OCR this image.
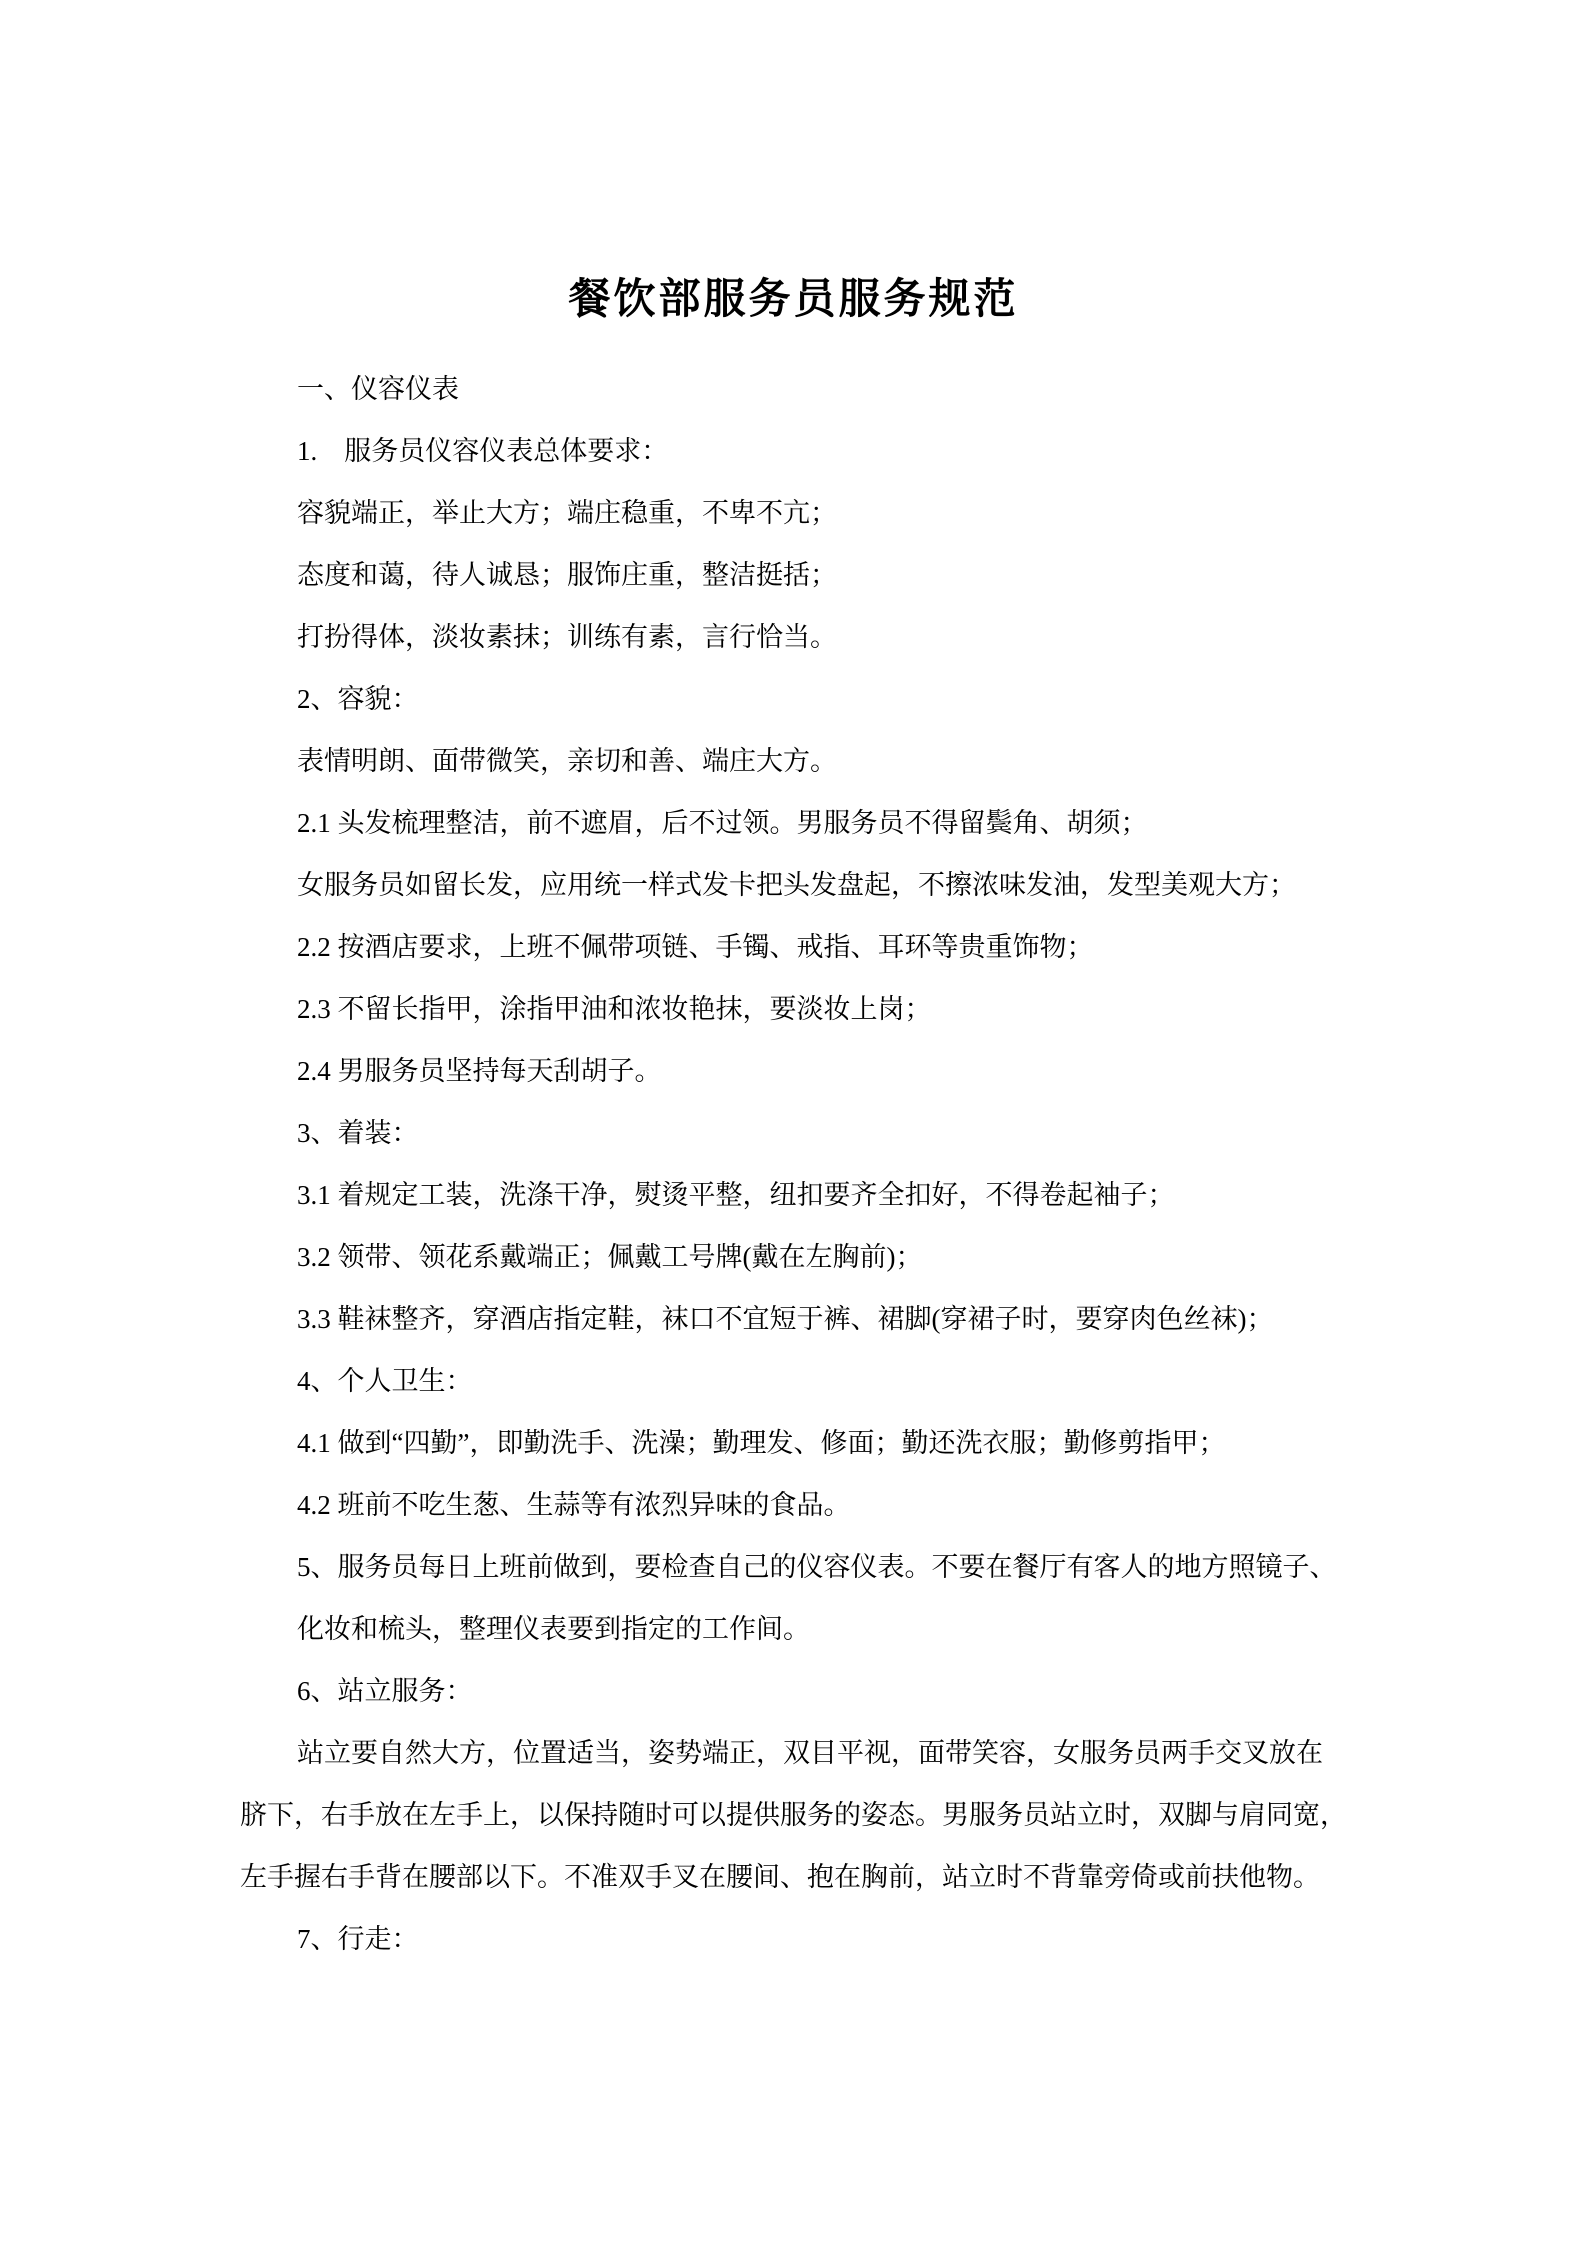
餐饮部服务员服务规范
一、仪容仪表
1.　服务员仪容仪表总体要求：
容貌端正，举止大方；端庄稳重，不卑不亢；
态度和蔼，待人诚恳；服饰庄重，整洁挺括；
打扮得体，淡妆素抹；训练有素，言行恰当。
2、容貌：
表情明朗、面带微笑，亲切和善、端庄大方。
2.1 头发梳理整洁，前不遮眉，后不过领。男服务员不得留鬓角、胡须；
女服务员如留长发，应用统一样式发卡把头发盘起，不擦浓味发油，发型美观大方；
2.2 按酒店要求，上班不佩带项链、手镯、戒指、耳环等贵重饰物；
2.3 不留长指甲，涂指甲油和浓妆艳抹，要淡妆上岗；
2.4 男服务员坚持每天刮胡子。
3、着装：
3.1 着规定工装，洗涤干净，熨烫平整，纽扣要齐全扣好，不得卷起袖子；
3.2 领带、领花系戴端正；佩戴工号牌(戴在左胸前)；
3.3 鞋袜整齐，穿酒店指定鞋，袜口不宜短于裤、裙脚(穿裙子时，要穿肉色丝袜)；
4、个人卫生：
4.1 做到“四勤”，即勤洗手、洗澡；勤理发、修面；勤还洗衣服；勤修剪指甲；
4.2 班前不吃生葱、生蒜等有浓烈异味的食品。
5、服务员每日上班前做到，要检查自己的仪容仪表。不要在餐厅有客人的地方照镜子、
化妆和梳头，整理仪表要到指定的工作间。
6、站立服务：
站立要自然大方，位置适当，姿势端正，双目平视，面带笑容，女服务员两手交叉放在
脐下，右手放在左手上，以保持随时可以提供服务的姿态。男服务员站立时，双脚与肩同宽，
左手握右手背在腰部以下。不准双手叉在腰间、抱在胸前，站立时不背靠旁倚或前扶他物。
7、行走：
